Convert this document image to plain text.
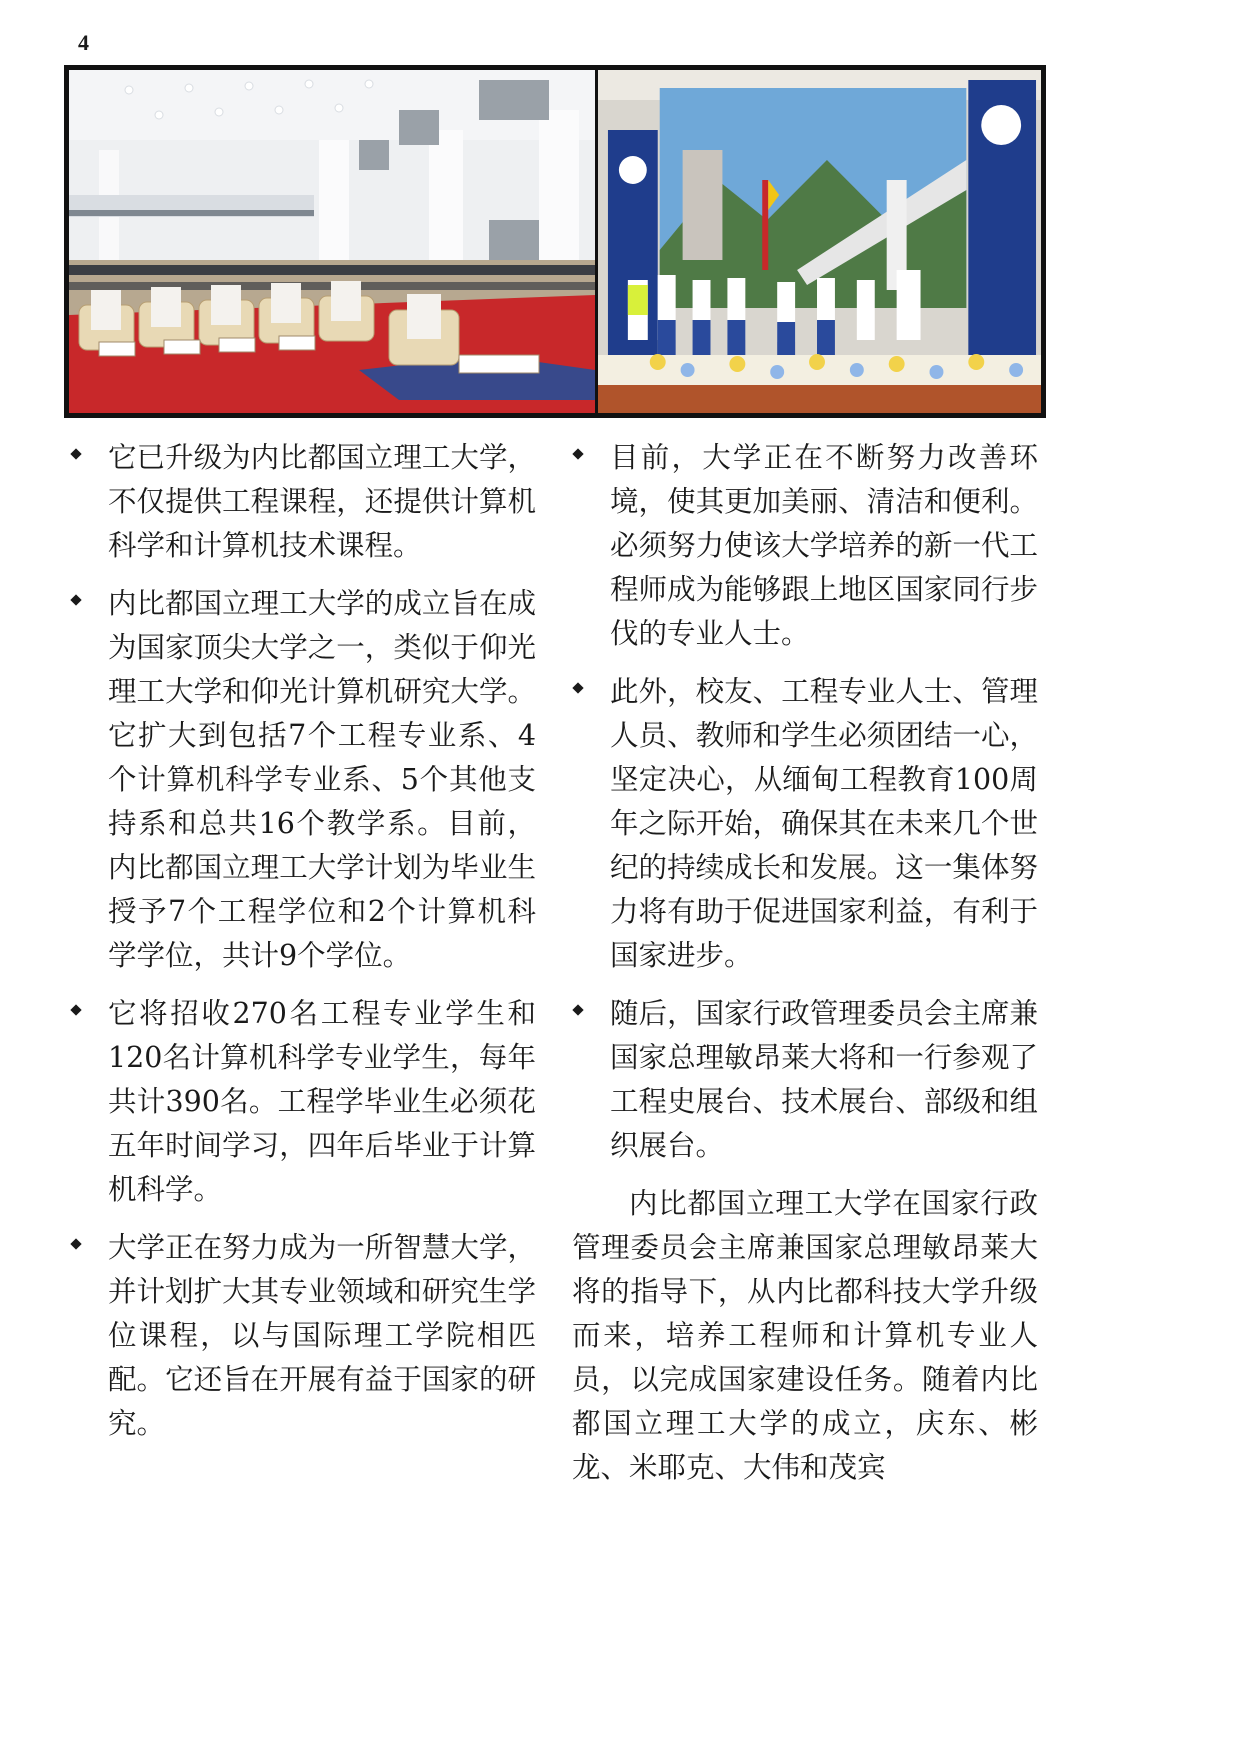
4
它已升级为内比都国立理工大学，不仅提供工程课程，还提供计算机科学和计算机技术课程。
内比都国立理工大学的成立旨在成为国家顶尖大学之一，类似于仰光理工大学和仰光计算机研究大学。它扩大到包括7个工程专业系、4个计算机科学专业系、5个其他支持系和总共16个教学系。目前，内比都国立理工大学计划为毕业生授予7个工程学位和2个计算机科学学位，共计9个学位。
它将招收270名工程专业学生和120名计算机科学专业学生，每年共计390名。工程学毕业生必须花五年时间学习，四年后毕业于计算机科学。
大学正在努力成为一所智慧大学，并计划扩大其专业领域和研究生学位课程，以与国际理工学院相匹配。它还旨在开展有益于国家的研究。
目前，大学正在不断努力改善环境，使其更加美丽、清洁和便利。必须努力使该大学培养的新一代工程师成为能够跟上地区国家同行步伐的专业人士。
此外，校友、工程专业人士、管理人员、教师和学生必须团结一心，坚定决心，从缅甸工程教育100周年之际开始，确保其在未来几个世纪的持续成长和发展。这一集体努力将有助于促进国家利益，有利于国家进步。
随后，国家行政管理委员会主席兼国家总理敏昂莱大将和一行参观了工程史展台、技术展台、部级和组织展台。

内比都国立理工大学在国家行政管理委员会主席兼国家总理敏昂莱大将的指导下，从内比都科技大学升级而来，培养工程师和计算机专业人员，以完成国家建设任务。随着内比都国立理工大学的成立，庆东、彬龙、米耶克、大伟和茂宾
